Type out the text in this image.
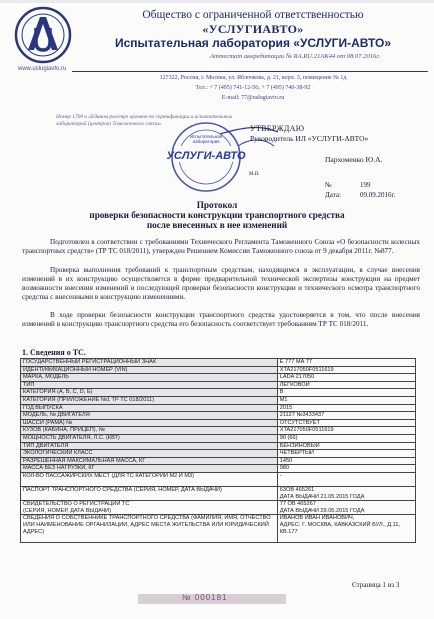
Общество с ограниченной ответственностью
«УСЛУГИАВТО»
Испытательная лаборатория «УСЛУГИ-АВТО»
Аттестат аккредитации № RA.RU.21АК44 от 08.07.2016г.
www.uslugiavto.ru
127322, Россия, г. Москва, ул. Яблочкова, д. 21, корп. 3, помещение № 1д
Тел.: + 7 (495) 741-12-56; + 7 (495) 740-38-92
E-mail: 77@uslugiavto.ru
Номер 1700 в «Едином реестре органов по сертификации и испытательных лабораторий (центров) Таможенного союза»
УСЛУГИ-АВТО
Испытательная
лаборатория
УТВЕРЖДАЮ
Руководитель ИЛ «УСЛУГИ-АВТО»
Пархоменко Ю.А.
М.П.
№	199
Дата:	09.09.2016г.
Протокол
проверки безопасности конструкции транспортного средства
после внесенных в нее изменений
Подготовлен в соответствии с требованиями Технического Регламента Таможенного Союза «О безопасности колесных транспортных средств» (ТР ТС 018/2011), утвержден Решением Комиссии Таможенного союза от 9 декабря 2011г. №877.
Проверка выполнения требований к транспортным средствам, находящимся в эксплуатации, в случае внесения изменений в их конструкцию осуществляется в форме предварительной технической экспертизы конструкции на предмет возможности внесения изменений и последующей проверки безопасности конструкции и технического осмотра транспортного средства с внесенными в конструкцию изменениями.
В ходе проверки безопасности конструкции транспортного средства удостоверяется в том, что после внесения изменений в конструкцию транспортного средства его безопасность соответствует требованиям ТР ТС 018/2011.
1. Сведения о ТС.
ГОСУДАРСТВЕННЫЙ РЕГИСТРАЦИОННЫЙ ЗНАК	Е 777 МА 77
ИДЕНТИФИКАЦИОННЫЙ НОМЕР (VIN)	XTA217050F0511619
МАРКА, МОДЕЛЬ	LADA 217050
ТИП	ЛЕГКОВОЙ
КАТЕГОРИЯ (А, В, С, D, Е)	B
КАТЕГОРИЯ (ПРИЛОЖЕНИЕ №1 ТР ТС 018/2011)	M1
ГОД ВЫПУСКА	2015
МОДЕЛЬ, № ДВИГАТЕЛЯ	21127 №3433437
ШАССИ (РАМА) №	ОТСУТСТВУЕТ
КУЗОВ (КАБИНА, ПРИЦЕП), №	XTA217050F0511619
МОЩНОСТЬ ДВИГАТЕЛЯ, Л.С. (КВТ)	90 (66)
ТИП ДВИГАТЕЛЯ	БЕНЗИНОВЫЙ
ЭКОЛОГИЧЕСКИЙ КЛАСС	ЧЕТВЕРТЫЙ
РАЗРЕШЕННАЯ МАКСИМАЛЬНАЯ МАССА, КГ	1450
МАССА БЕЗ НАГРУЗКИ, КГ	980
КОЛ-ВО ПАССАЖИРСКИХ МЕСТ (ДЛЯ ТС КАТЕГОРИИ М2 И М3)	-
ПАСПОРТ ТРАНСПОРТНОГО СРЕДСТВА (СЕРИЯ, НОМЕР, ДАТА ВЫДАЧИ)	63ОВ 465261
ДАТА ВЫДАЧИ 21.05.2015 ГОДА
СВИДЕТЕЛЬСТВО О РЕГИСТРАЦИИ ТС
(СЕРИЯ, НОМЕР, ДАТА ВЫДАЧИ)	77 ОВ 465267
ДАТА ВЫДАЧИ 29.05.2015 ГОДА
СВЕДЕНИЯ О СОБСТВЕННИКЕ ТРАНСПОРТНОГО СРЕДСТВА (ФАМИЛИЯ, ИМЯ, ОТЧЕСТВО ИЛИ НАИМЕНОВАНИЕ ОРГАНИЗАЦИИ, АДРЕС МЕСТА ЖИТЕЛЬСТВА ИЛИ ЮРИДИЧЕСКИЙ АДРЕС)	ИВАНОВ ИВАН ИВАНОВИЧ,
АДРЕС: Г. МОСКВА, КАВКАЗСКИЙ БУЛ., Д.11, КВ.177
Страница 1 из 3
№ 000181
